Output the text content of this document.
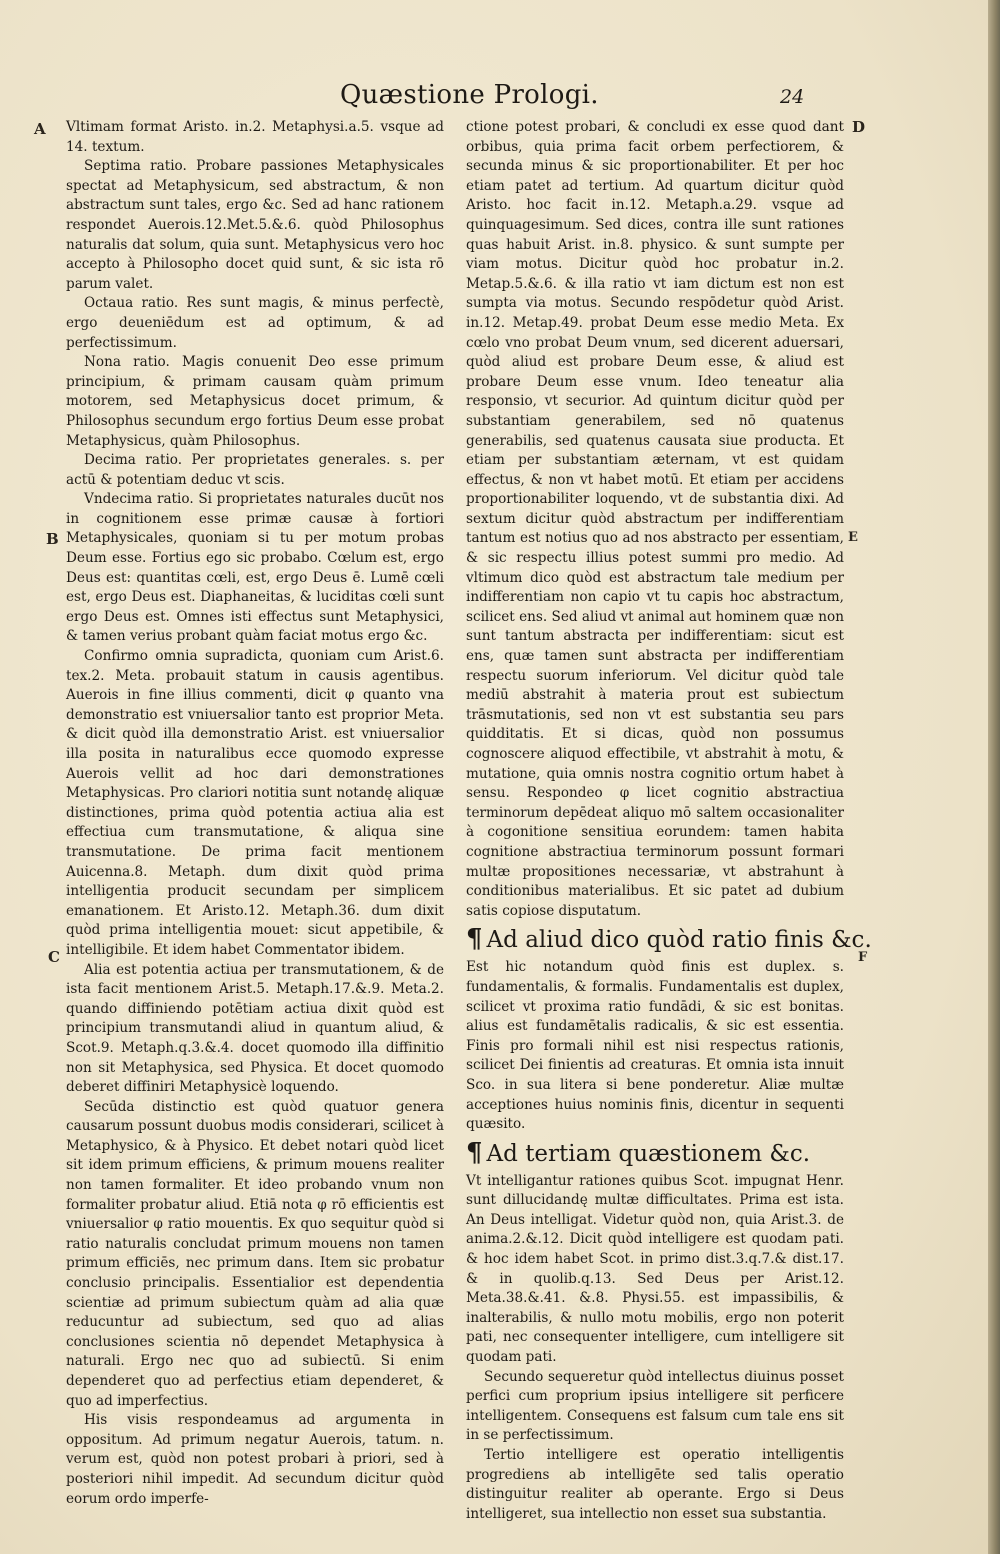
Quæstione Prologi.	24
A
B
C
D
E
F

Vltimam format Aristo. in.2. Metaphysi.a.5. vsque ad 14. textum.

Septima ratio. Probare passiones Metaphysicales spectat ad Metaphysicum, sed abstractum, & non abstractum sunt tales, ergo &c. Sed ad hanc rationem respondet Auerois.12.Met.5.&.6. quòd Philosophus naturalis dat solum, quia sunt. Metaphysicus vero hoc accepto à Philosopho docet quid sunt, & sic ista rō parum valet.

Octaua ratio. Res sunt magis, & minus perfectè, ergo deueniēdum est ad optimum, & ad perfectissimum.

Nona ratio. Magis conuenit Deo esse primum principium, & primam causam quàm primum motorem, sed Metaphysicus docet primum, & Philosophus secundum ergo fortius Deum esse probat Metaphysicus, quàm Philosophus.

Decima ratio. Per proprietates generales. s. per actū & potentiam deduc vt scis.

Vndecima ratio. Si proprietates naturales ducūt nos in cognitionem esse primæ causæ à fortiori Metaphysicales, quoniam si tu per motum probas Deum esse. Fortius ego sic probabo. Cœlum est, ergo Deus est: quantitas cœli, est, ergo Deus ē. Lumē cœli est, ergo Deus est. Diaphaneitas, & luciditas cœli sunt ergo Deus est. Omnes isti effectus sunt Metaphysici, & tamen verius probant quàm faciat motus ergo &c.

Confirmo omnia supradicta, quoniam cum Arist.6. tex.2. Meta. probauit statum in causis agentibus. Auerois in fine illius commenti, dicit φ quanto vna demonstratio est vniuersalior tanto est proprior Meta. & dicit quòd illa demonstratio Arist. est vniuersalior illa posita in naturalibus ecce quomodo expresse Auerois vellit ad hoc dari demonstrationes Metaphysicas. Pro clariori notitia sunt notandę aliquæ distinctiones, prima quòd potentia actiua alia est effectiua cum transmutatione, & aliqua sine transmutatione. De prima facit mentionem Auicenna.8. Metaph. dum dixit quòd prima intelligentia producit secundam per simplicem emanationem. Et Aristo.12. Metaph.36. dum dixit quòd prima intelligentia mouet: sicut appetibile, & intelligibile. Et idem habet Commentator ibidem.

Alia est potentia actiua per transmutationem, & de ista facit mentionem Arist.5. Metaph.17.&.9. Meta.2. quando diffiniendo potētiam actiua dixit quòd est principium transmutandi aliud in quantum aliud, & Scot.9. Metaph.q.3.&.4. docet quomodo illa diffinitio non sit Metaphysica, sed Physica. Et docet quomodo deberet diffiniri Metaphysicè loquendo.

Secūda distinctio est quòd quatuor genera causarum possunt duobus modis considerari, scilicet à Metaphysico, & à Physico. Et debet notari quòd licet sit idem primum efficiens, & primum mouens realiter non tamen formaliter. Et ideo probando vnum non formaliter probatur aliud. Etiā nota φ rō efficientis est vniuersalior φ ratio mouentis. Ex quo sequitur quòd si ratio naturalis concludat primum mouens non tamen primum efficiēs, nec primum dans. Item sic probatur conclusio principalis. Essentialior est dependentia scientiæ ad primum subiectum quàm ad alia quæ reducuntur ad subiectum, sed quo ad alias conclusiones scientia nō dependet Metaphysica à naturali. Ergo nec quo ad subiectū. Si enim dependeret quo ad perfectius etiam dependeret, & quo ad imperfectius.

His visis respondeamus ad argumenta in oppositum. Ad primum negatur Auerois, tatum. n. verum est, quòd non potest probari à priori, sed à posteriori nihil impedit. Ad secundum dicitur quòd eorum ordo imperfe-

ctione potest probari, & concludi ex esse quod dant orbibus, quia prima facit orbem perfectiorem, & secunda minus & sic proportionabiliter. Et per hoc etiam patet ad tertium. Ad quartum dicitur quòd Aristo. hoc facit in.12. Metaph.a.29. vsque ad quinquagesimum. Sed dices, contra ille sunt rationes quas habuit Arist. in.8. physico. & sunt sumpte per viam motus. Dicitur quòd hoc probatur in.2. Metap.5.&.6. & illa ratio vt iam dictum est non est sumpta via motus. Secundo respōdetur quòd Arist. in.12. Metap.49. probat Deum esse medio Meta. Ex cœlo vno probat Deum vnum, sed dicerent aduersari, quòd aliud est probare Deum esse, & aliud est probare Deum esse vnum. Ideo teneatur alia responsio, vt securior. Ad quintum dicitur quòd per substantiam generabilem, sed nō quatenus generabilis, sed quatenus causata siue producta. Et etiam per substantiam æternam, vt est quidam effectus, & non vt habet motū. Et etiam per accidens proportionabiliter loquendo, vt de substantia dixi. Ad sextum dicitur quòd abstractum per indifferentiam tantum est notius quo ad nos abstracto per essentiam, & sic respectu illius potest summi pro medio. Ad vltimum dico quòd est abstractum tale medium per indifferentiam non capio vt tu capis hoc abstractum, scilicet ens. Sed aliud vt animal aut hominem quæ non sunt tantum abstracta per indifferentiam: sicut est ens, quæ tamen sunt abstracta per indifferentiam respectu suorum inferiorum. Vel dicitur quòd tale mediū abstrahit à materia prout est subiectum trāsmutationis, sed non vt est substantia seu pars quidditatis. Et si dicas, quòd non possumus cognoscere aliquod effectibile, vt abstrahit à motu, & mutatione, quia omnis nostra cognitio ortum habet à sensu. Respondeo φ licet cognitio abstractiua terminorum depēdeat aliquo mō saltem occasionaliter à cogonitione sensitiua eorundem: tamen habita cognitione abstractiua terminorum possunt formari multæ propositiones necessariæ, vt abstrahunt à conditionibus materialibus. Et sic patet ad dubium satis copiose disputatum.

¶ Ad aliud dico quòd ratio finis &c.

Est hic notandum quòd finis est duplex. s. fundamentalis, & formalis. Fundamentalis est duplex, scilicet vt proxima ratio fundādi, & sic est bonitas. alius est fundamētalis radicalis, & sic est essentia. Finis pro formali nihil est nisi respectus rationis, scilicet Dei finientis ad creaturas. Et omnia ista innuit Sco. in sua litera si bene ponderetur. Aliæ multæ acceptiones huius nominis finis, dicentur in sequenti quæsito.

¶ Ad tertiam quæstionem &c.

Vt intelligantur rationes quibus Scot. impugnat Henr. sunt dillucidandę multæ difficultates. Prima est ista. An Deus intelligat. Videtur quòd non, quia Arist.3. de anima.2.&.12. Dicit quòd intelligere est quodam pati. & hoc idem habet Scot. in primo dist.3.q.7.& dist.17. & in quolib.q.13. Sed Deus per Arist.12. Meta.38.&.41. &.8. Physi.55. est impassibilis, & inalterabilis, & nullo motu mobilis, ergo non poterit pati, nec consequenter intelligere, cum intelligere sit quodam pati.

Secundo sequeretur quòd intellectus diuinus posset perfici cum proprium ipsius intelligere sit perficere intelligentem. Consequens est falsum cum tale ens sit in se perfectissimum.

Tertio intelligere est operatio intelligentis progrediens ab intelligēte sed talis operatio distinguitur realiter ab operante. Ergo si Deus intelligeret, sua intellectio non esset sua substantia.
